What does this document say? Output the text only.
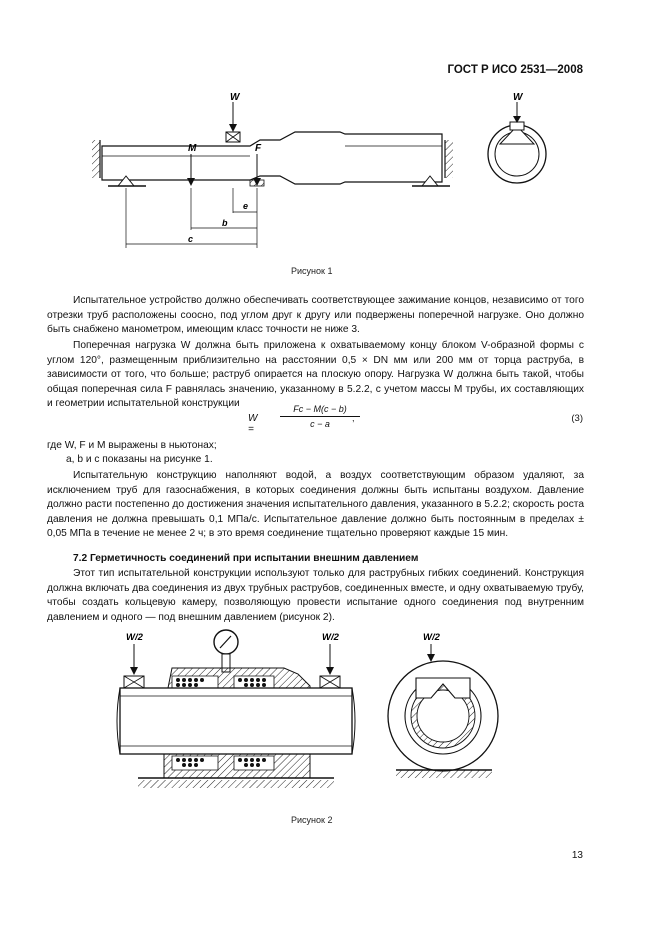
ГОСТ Р ИСО 2531—2008
W
M	F
e
b
c
W
Рисунок 1
Испытательное устройство должно обеспечивать соответствующее зажимание концов, независимо от того отрезки труб расположены соосно, под углом друг к другу или подвержены поперечной нагрузке. Оно должно быть снабжено манометром, имеющим класс точности не ниже 3.
Поперечная нагрузка W должна быть приложена к охватываемому концу блоком V-образной формы с углом 120°, размещенным приблизительно на расстоянии 0,5 × DN мм или 200 мм от торца раструба, в зависимости от того, что больше; раструб опирается на плоскую опору. Нагрузка W должна быть такой, чтобы общая поперечная сила F равнялась значению, указанному в 5.2.2, с учетом массы M трубы, их составляющих и геометрии испытательной конструкции
W =
$\frac{Fc - M(c - b)}{c - a}$
,	(3)
где W, F и M выражены в ньютонах;
a, b и c показаны на рисунке 1.
Испытательную конструкцию наполняют водой, а воздух соответствующим образом удаляют, за исключением труб для газоснабжения, в которых соединения должны быть испытаны воздухом. Давление должно расти постепенно до достижения значения испытательного давления, указанного в 5.2.2; скорость роста давления не должна превышать 0,1 МПа/с. Испытательное давление должно быть постоянным в пределах ± 0,05 МПа в течение не менее 2 ч; в это время соединение тщательно проверяют каждые 15 мин.
7.2 Герметичность соединений при испытании внешним давлением
Этот тип испытательной конструкции используют только для раструбных гибких соединений. Конструкция должна включать два соединения из двух трубных раструбов, соединенных вместе, и одну охватываемую трубу, чтобы создать кольцевую камеру, позволяющую провести испытание одного соединения под внутренним давлением и одного — под внешним давлением (рисунок 2).
W/2	W/2	W/2
Рисунок 2
13
